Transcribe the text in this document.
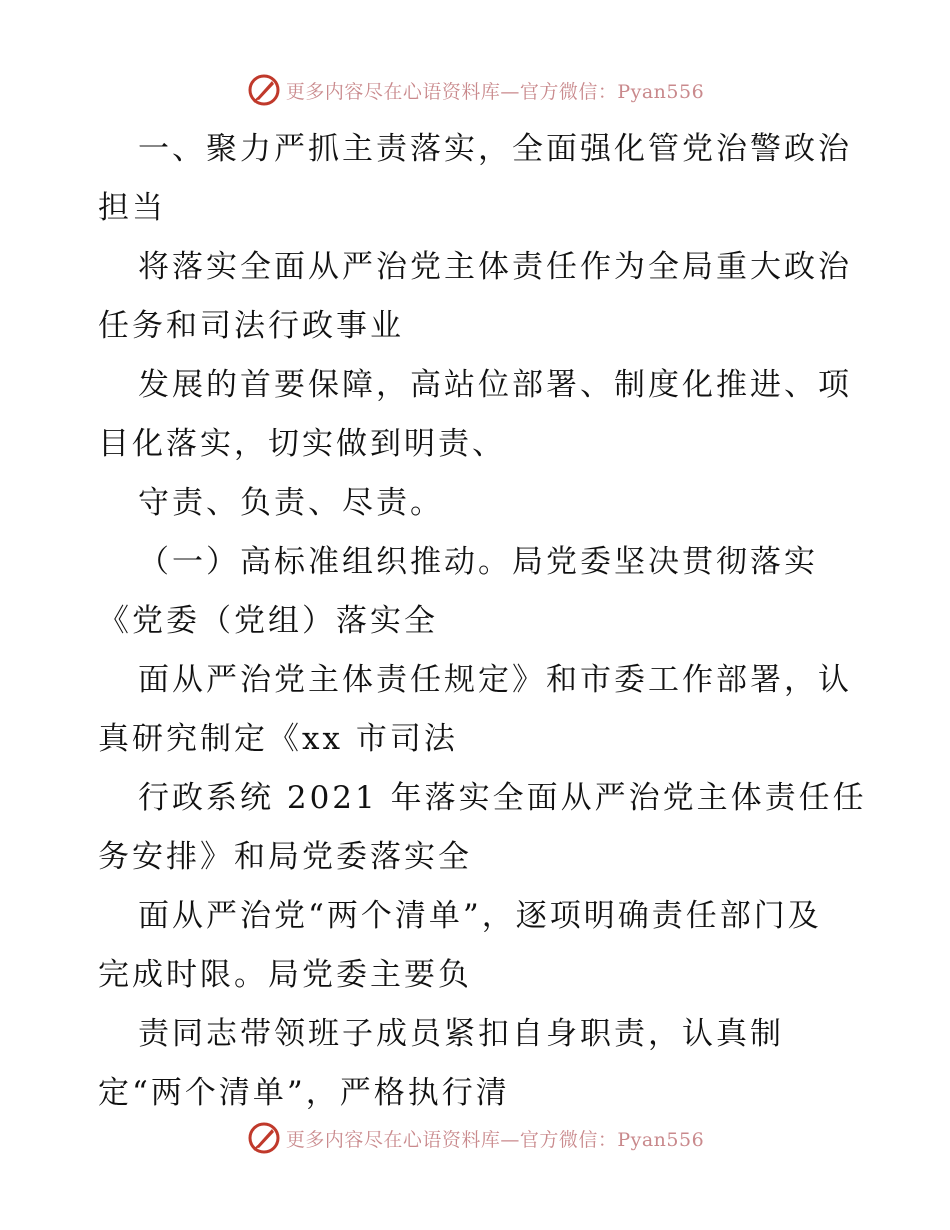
更多内容尽在心语资料库—官方微信：Pyan556
一、聚力严抓主责落实，全面强化管党治警政治
担当
将落实全面从严治党主体责任作为全局重大政治
任务和司法行政事业
发展的首要保障，高站位部署、制度化推进、项
目化落实，切实做到明责、
守责、负责、尽责。
（一）高标准组织推动。局党委坚决贯彻落实
《党委（党组）落实全
面从严治党主体责任规定》和市委工作部署，认
真研究制定《xx 市司法
行政系统 2021 年落实全面从严治党主体责任任
务安排》和局党委落实全
面从严治党“两个清单”，逐项明确责任部门及
完成时限。局党委主要负
责同志带领班子成员紧扣自身职责，认真制
定“两个清单”，严格执行清
更多内容尽在心语资料库—官方微信：Pyan556
